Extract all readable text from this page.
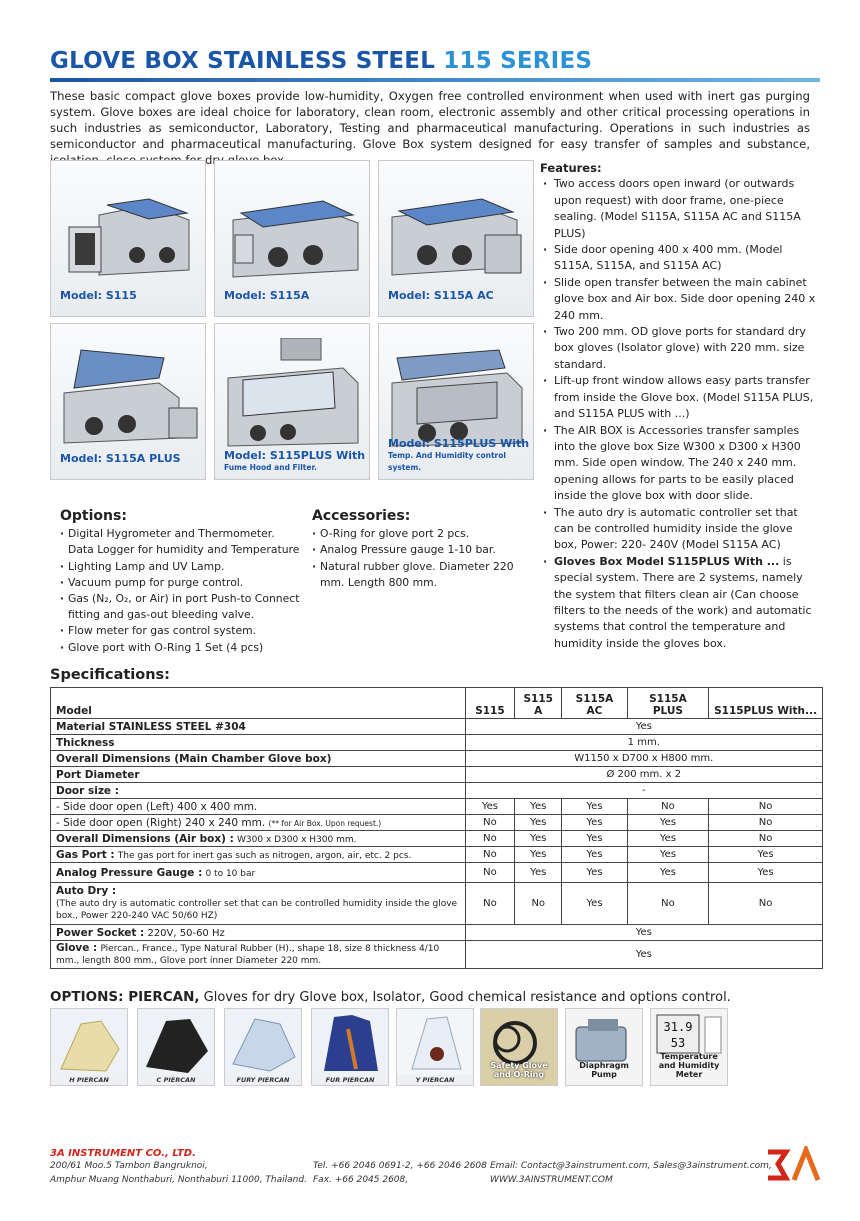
GLOVE BOX STAINLESS STEEL 115 SERIES

These basic compact glove boxes provide low-humidity, Oxygen free controlled environment when used with inert gas purging system. Glove boxes are ideal choice for laboratory, clean room, electronic assembly and other critical processing operations in such industries as semiconductor, Laboratory, Testing and pharmaceutical manufacturing. Operations in such industries as semiconductor and pharmaceutical manufacturing. Glove Box system designed for easy transfer of samples and substance,

Model: S115	Model: S115A	Model: S115A AC
Model: S115A PLUS	Model: S115PLUS With
Fume Hood and Filter.
Model: S115PLUS With
Temp. And Humidity control system.
Features:
· Two access doors open inward (or outwards upon request) with door frame, one-piece sealing. (Model S115A, S115A AC and S115A PLUS)
· Side door opening 400 x 400 mm. (Model S115A, S115A, and S115A AC)
· Slide open transfer between the main cabinet glove box and Air box. Side door opening 240 x 240 mm.
· Two 200 mm. OD glove ports for standard dry box gloves (Isolator glove) with 220 mm. size standard.
· Lift-up front window allows easy parts transfer from inside the Glove box. (Model S115A PLUS, and S115A PLUS with ...)
· The AIR BOX is Accessories transfer samples into the glove box Size W300 x D300 x H300 mm. Side open window. The 240 x 240 mm. opening allows for parts to be easily placed inside the glove box with door slide.
· The auto dry is automatic controller set that can be controlled humidity inside the glove box, Power: 220- 240V (Model S115A AC)
· Gloves Box Model S115PLUS With ... is special system. There are 2 systems, namely the system that filters clean air (Can choose filters to the needs of the work) and automatic systems that control the temperature and humidity inside the gloves box.
Options:
· Digital Hygrometer and Thermometer. Data Logger for humidity and Temperature
· Lighting Lamp and UV Lamp.
· Vacuum pump for purge control.
· Gas (N₂, O₂, or Air) in port Push-to Connect fitting and gas-out bleeding valve.
· Flow meter for gas control system.
· Glove port with O-Ring 1 Set (4 pcs)
Accessories:
· O-Ring for glove port 2 pcs.
· Analog Pressure gauge 1-10 bar.
· Natural rubber glove. Diameter 220 mm. Length 800 mm.
Specifications:
Model	S115	S115 A	S115A AC	S115A PLUS	S115PLUS With...
Material STAINLESS STEEL #304	Yes				
Thickness	1 mm.				
Overall Dimensions (Main Chamber Glove box)	W1150 x D700 x H800 mm.				
Port Diameter	Ø 200 mm. x 2				
Door size :	-				
- Side door open (Left) 400 x 400 mm.	Yes	Yes	Yes	No	No
- Side door open (Right) 240 x 240 mm. (** for Air Box. Upon request.)	No	Yes	Yes	Yes	No
Overall Dimensions (Air box) : W300 x D300 x H300 mm.	No	Yes	Yes	Yes	No
Gas Port : The gas port for inert gas such as nitrogen, argon, air, etc. 2 pcs.	No	Yes	Yes	Yes	Yes
Analog Pressure Gauge : 0 to 10 bar	No	Yes	Yes	Yes	Yes
Auto Dry :
(The auto dry is automatic controller set that can be controlled humidity inside the glove box., Power 220-240 VAC 50/60 HZ)	No	No	Yes	No	No
Power Socket : 220V, 50-60 Hz	Yes				
Glove : Piercan., France., Type Natural Rubber (H)., shape 18, size 8 thickness 4/10 mm., length 800 mm., Glove port inner Diameter 220 mm.	Yes				
OPTIONS: PIERCAN, Gloves for dry Glove box, Isolator, Good chemical resistance and options control.
H PIERCAN	C PIERCAN	FURY PIERCAN	FUR PIERCAN	Y PIERCAN
Safety Glove and O-Ring
Diaphragm Pump
31.9
53
Temperature and Humidity Meter
3A INSTRUMENT CO., LTD.
200/61 Moo.5 Tambon Bangruknoi,
Amphur Muang Nonthaburi, Nonthaburi 11000, Thailand.
Tel. +66 2046 0691-2, +66 2046 2608
Fax. +66 2045 2608,
Email: Contact@3ainstrument.com, Sales@3ainstrument.com,
WWW.3AINSTRUMENT.COM
